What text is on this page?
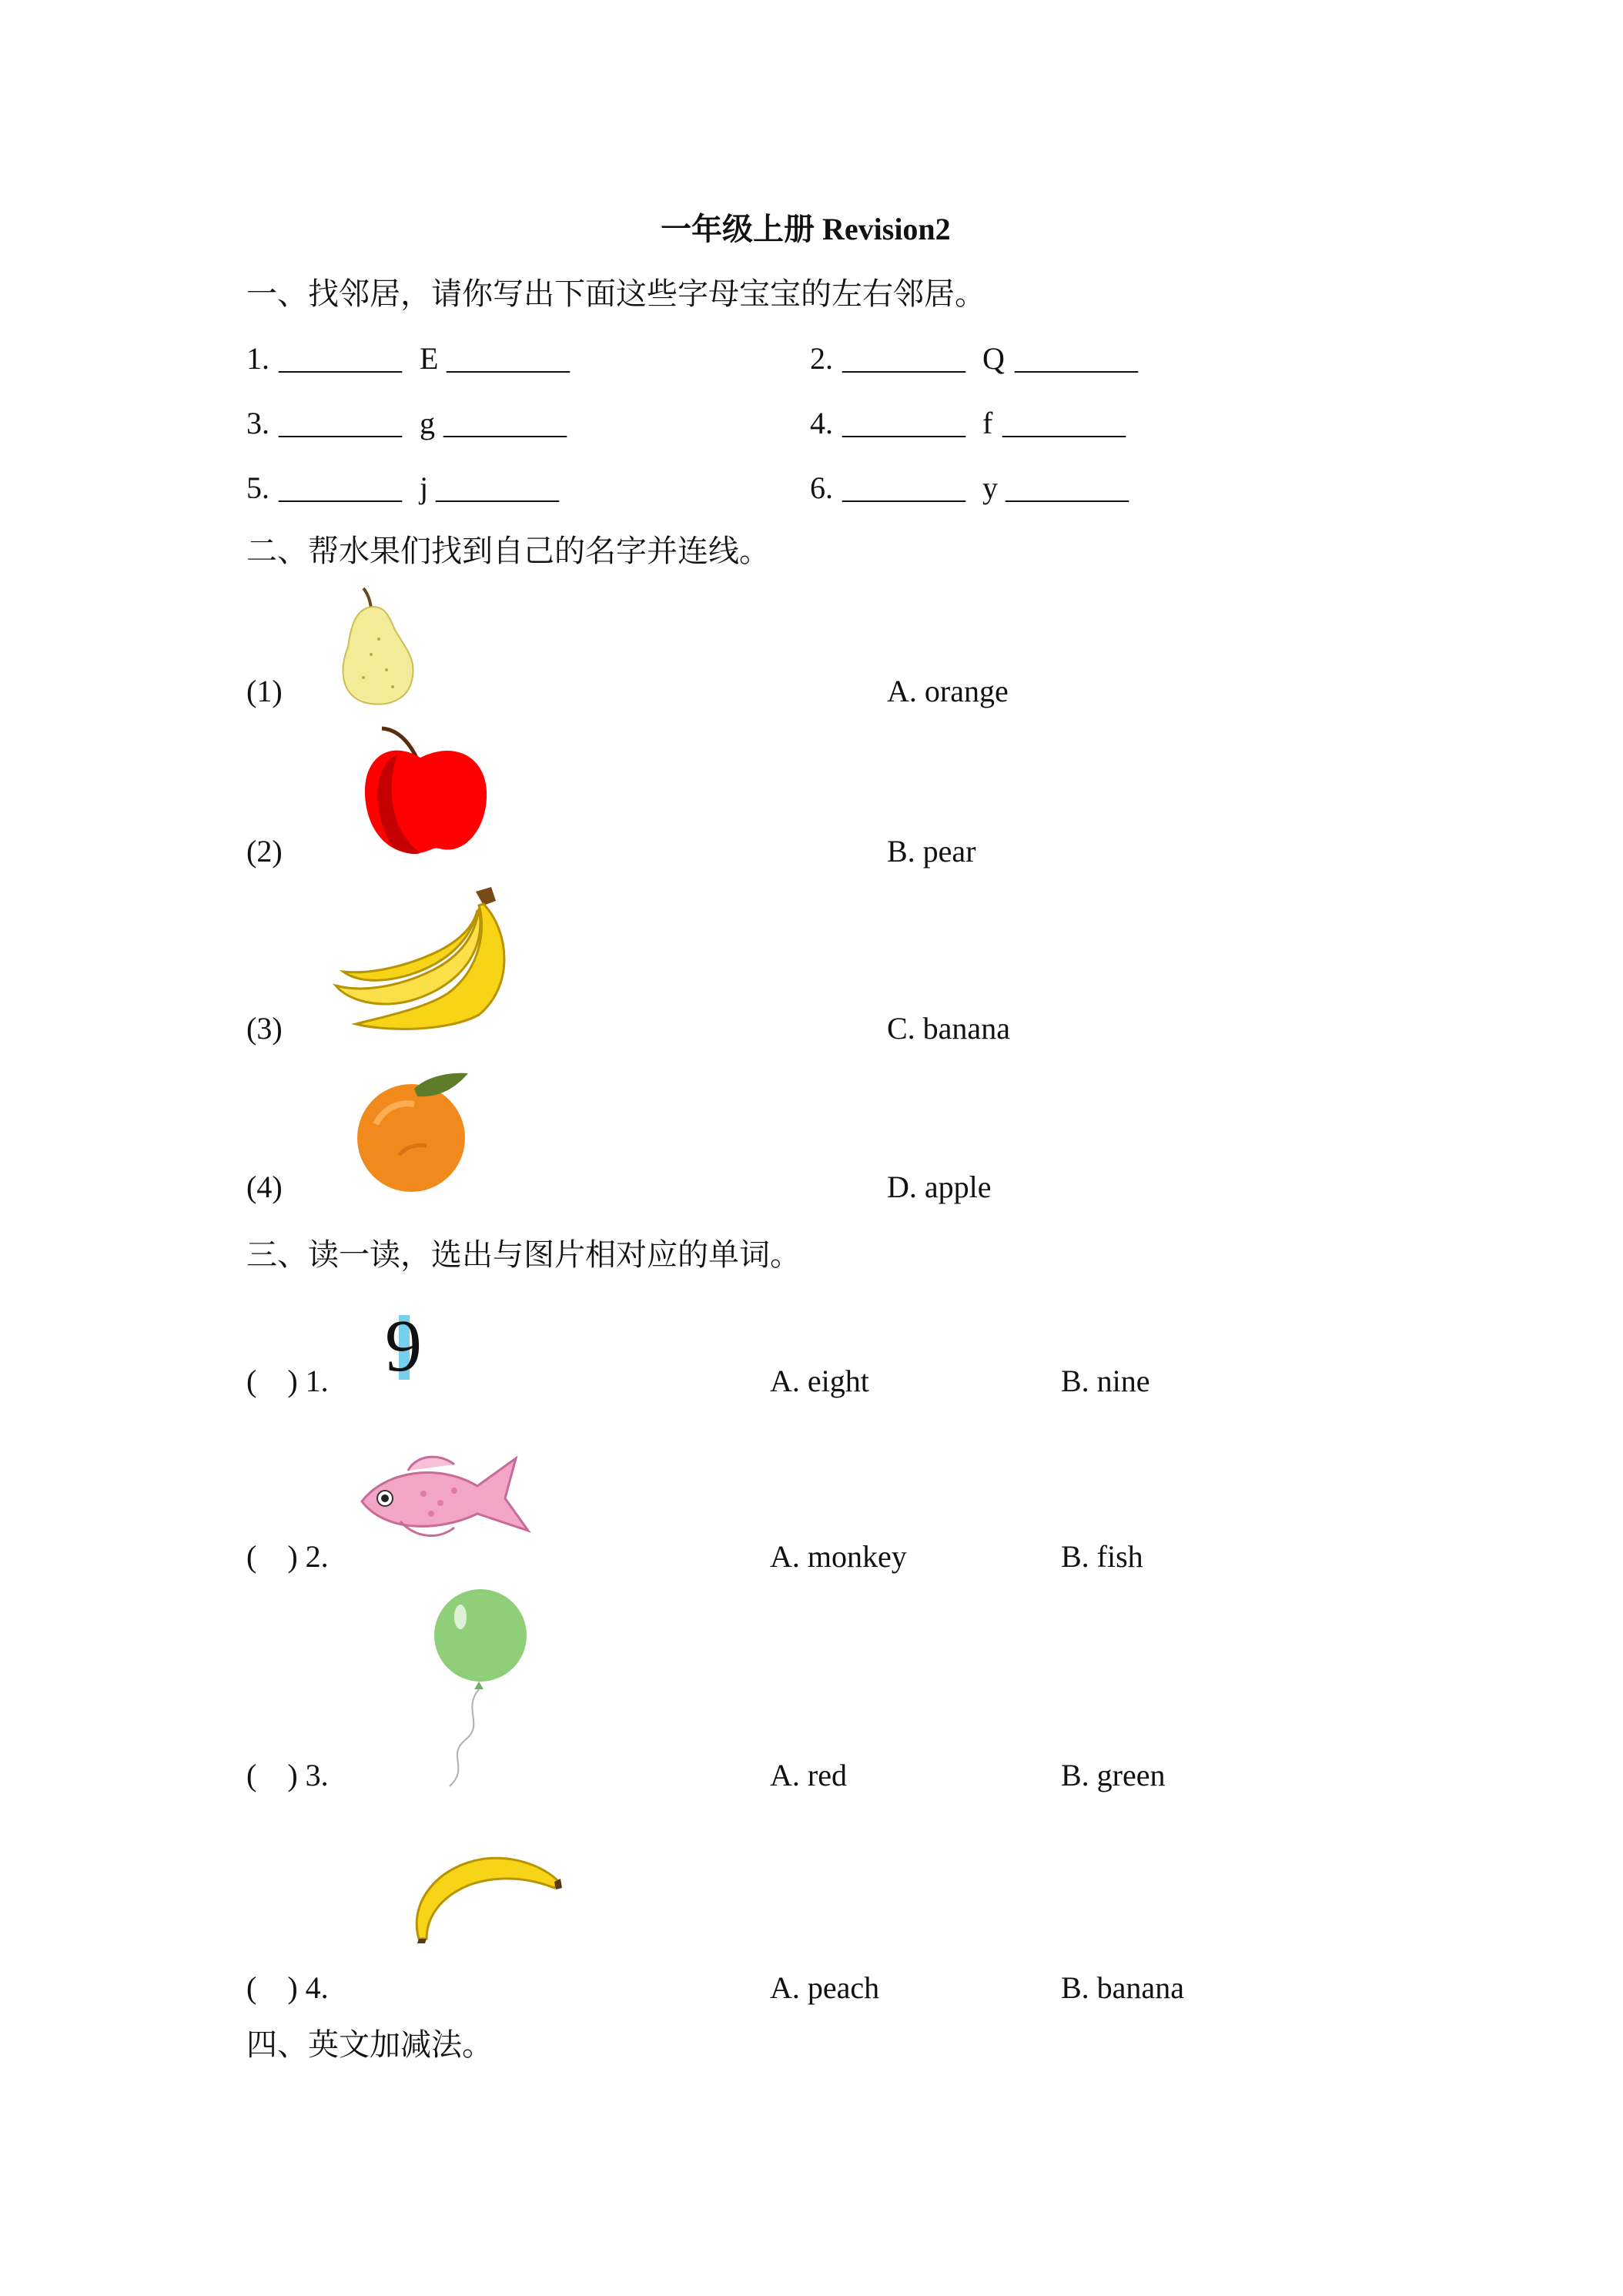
一年级上册 Revision2
一、找邻居，请你写出下面这些字母宝宝的左右邻居。
1. ________ E ________	2. ________ Q ________
3. ________ g ________	4. ________ f ________
5. ________ j ________	6. ________ y ________
二、帮水果们找到自己的名字并连线。
(1)	A. orange
(2)	B. pear
(3)	C. banana
(4)	D. apple
三、读一读，选出与图片相对应的单词。
(    ) 1. 9	A. eight	B. nine
(    ) 2.	A. monkey	B. fish
(    ) 3.	A. red	B. green
(    ) 4.	A. peach	B. banana
四、英文加减法。
